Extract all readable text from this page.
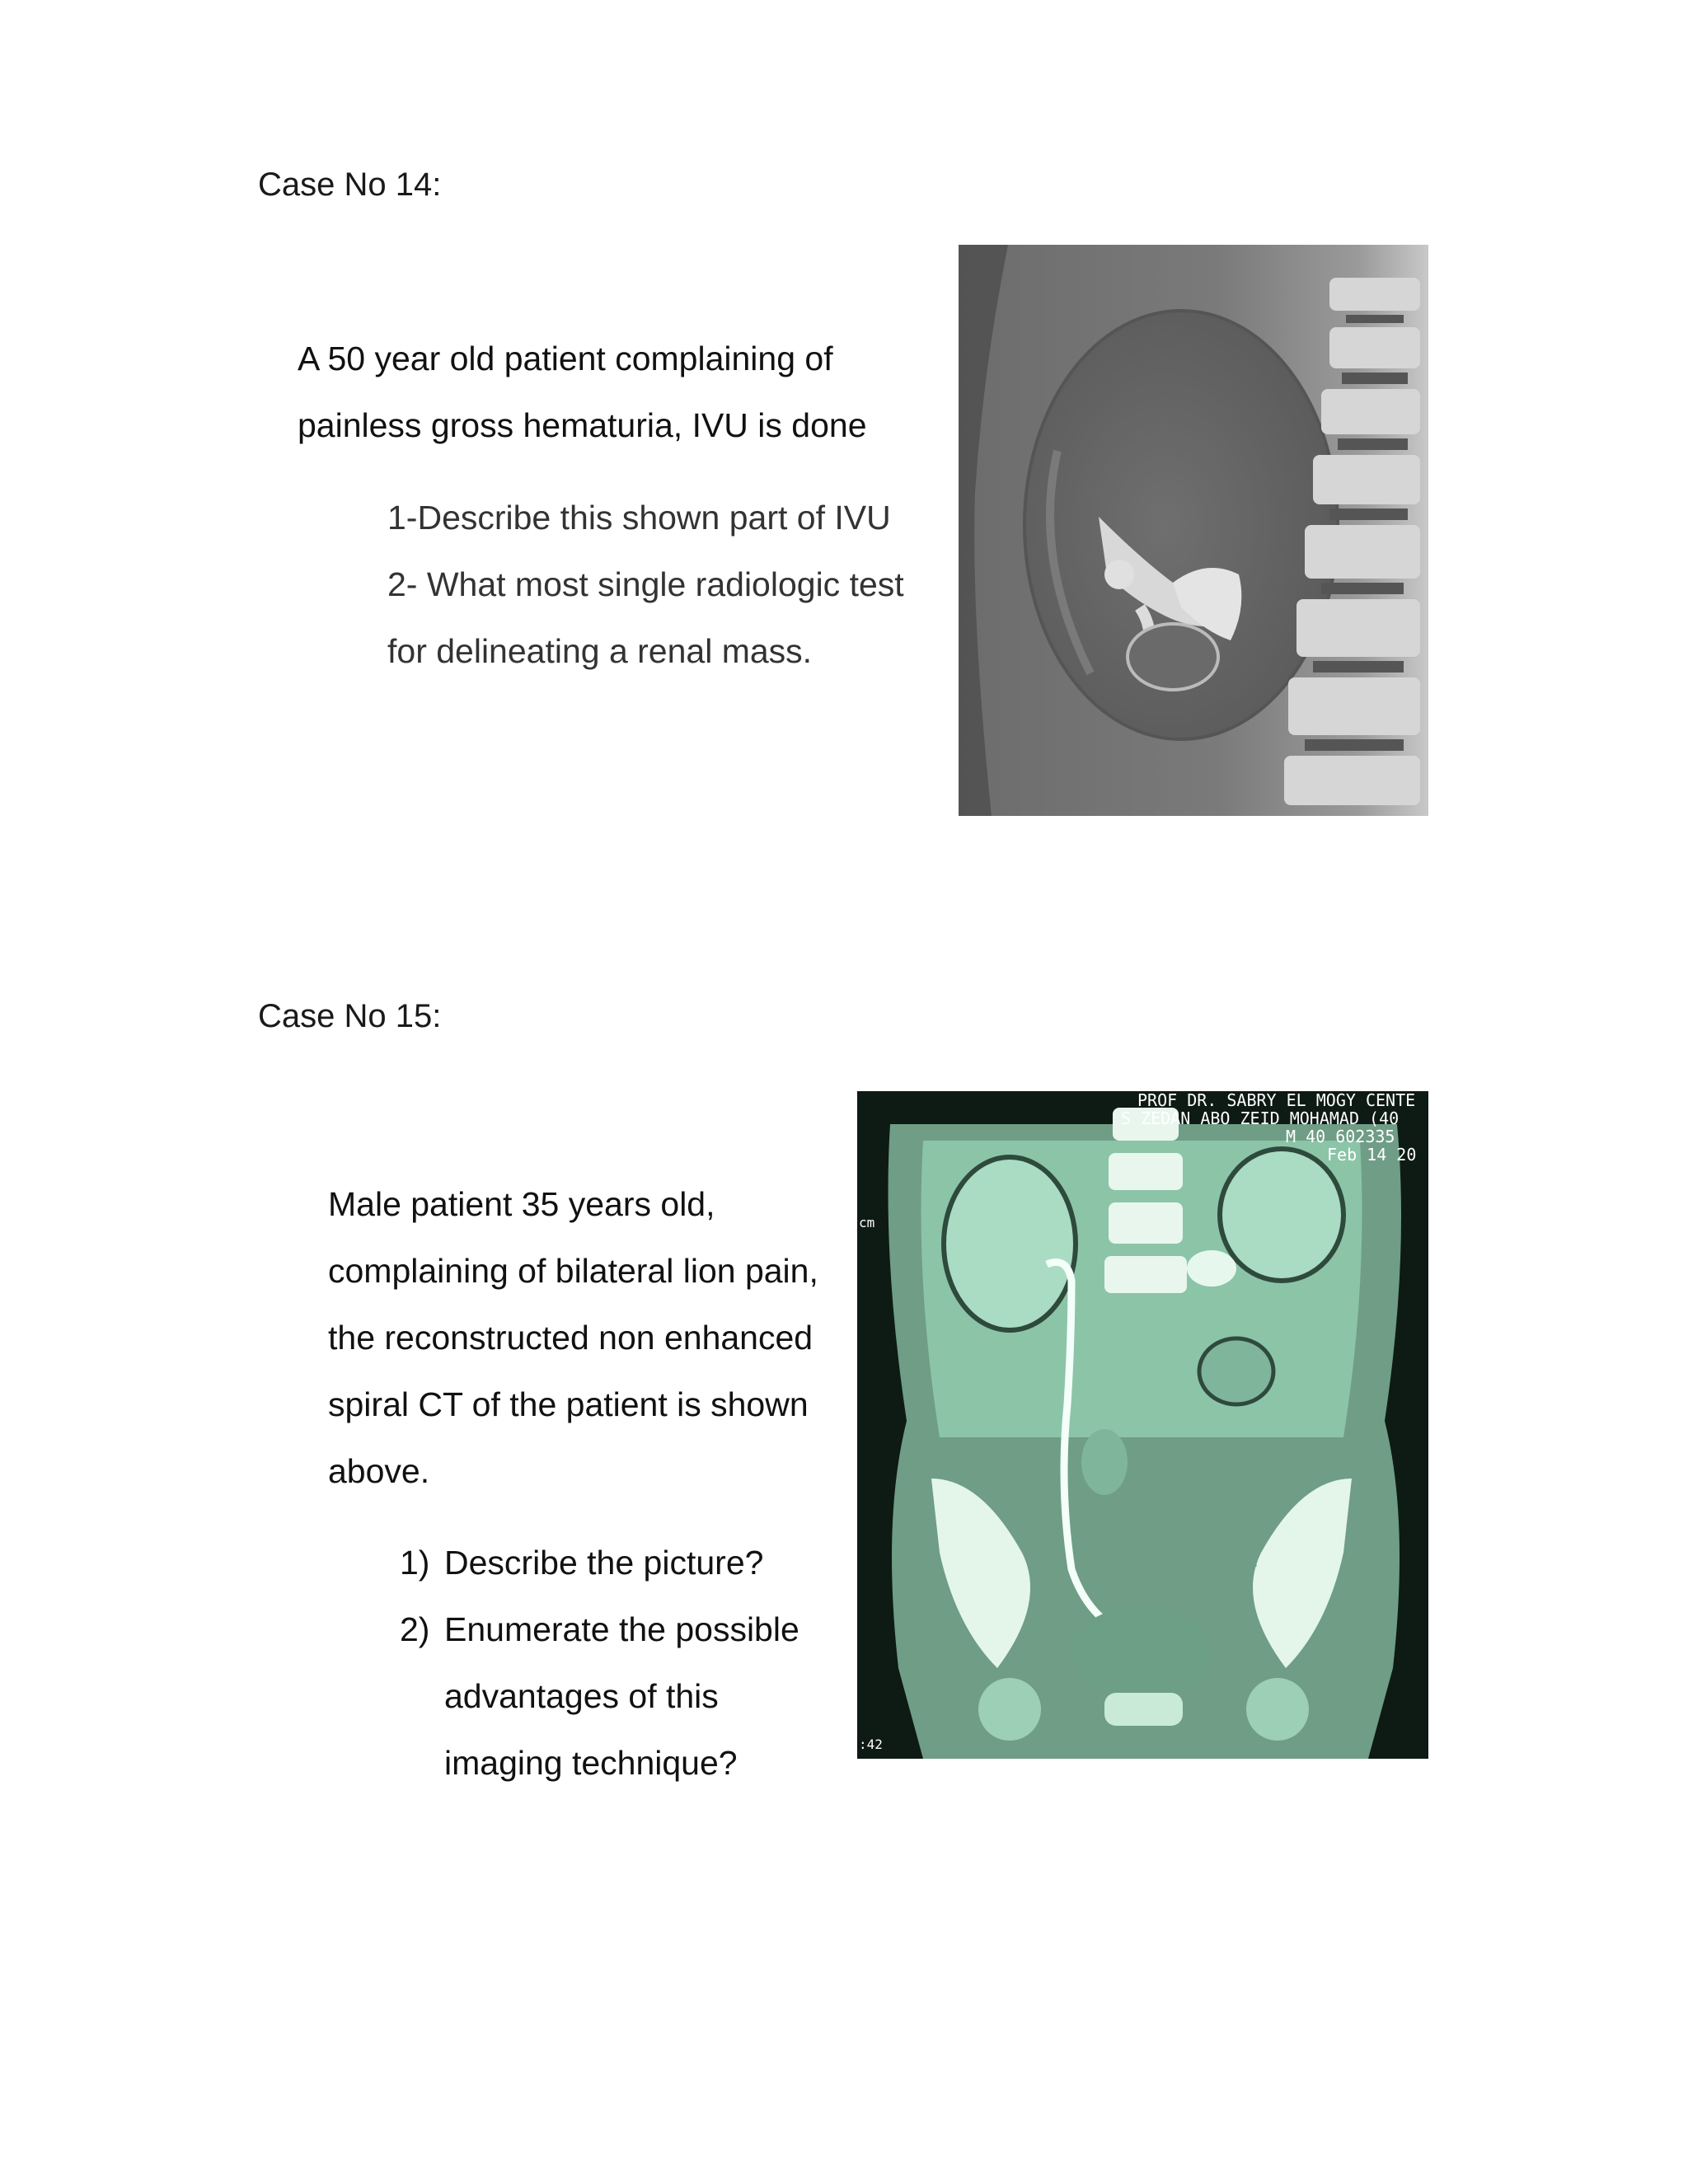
Case No 14:
A 50 year old patient complaining of
painless gross hematuria, IVU is done
1-Describe this shown part of IVU
2- What most single radiologic test
for delineating a renal mass.
Case No 15:
Male patient 35 years old,
complaining of bilateral lion pain,
the reconstructed non enhanced
spiral CT of the patient is shown
above.
1) Describe the picture?
2) Enumerate the possible
advantages of this
imaging technique?
PROF DR. SABRY EL MOGY CENTE
S ZEDAN ABO ZEID MOHAMAD (40
M 40 602335
Feb 14 20
cm
:42
